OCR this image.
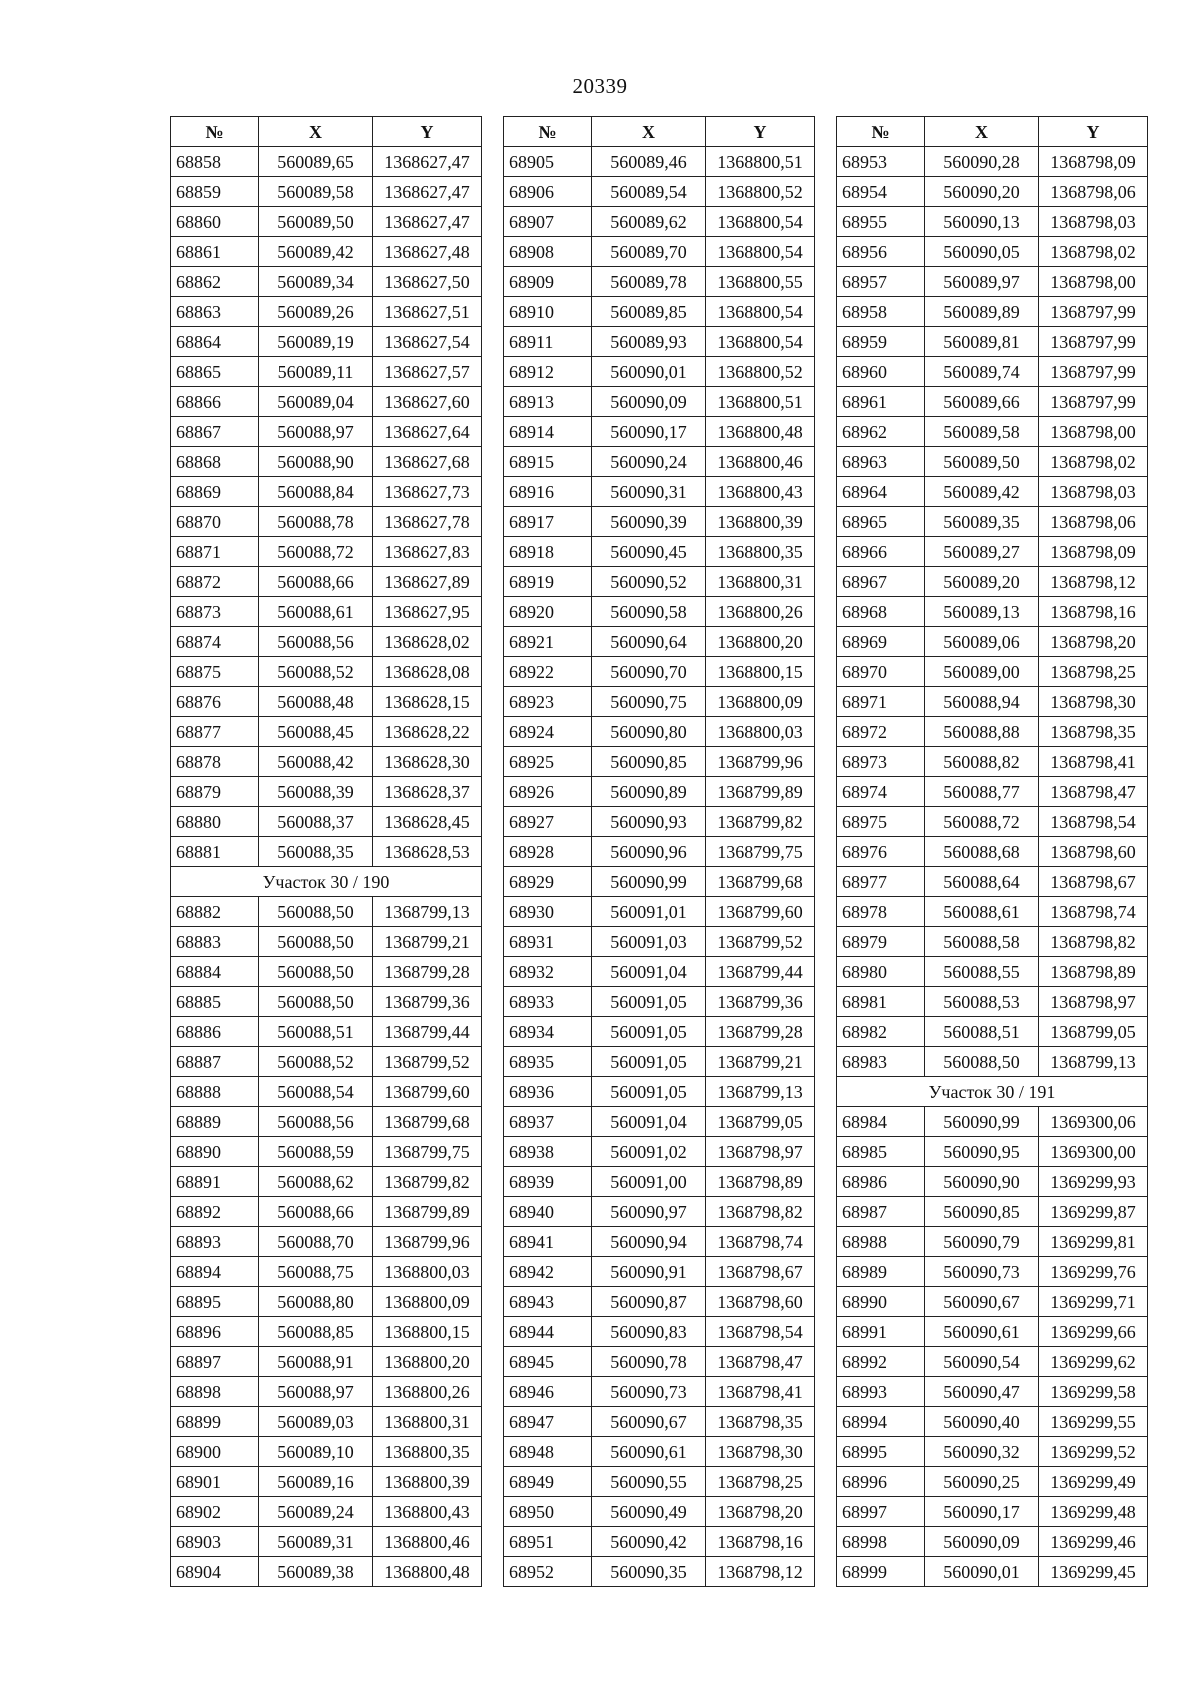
20339
№	X	Y
68858	560089,65	1368627,47
68859	560089,58	1368627,47
68860	560089,50	1368627,47
68861	560089,42	1368627,48
68862	560089,34	1368627,50
68863	560089,26	1368627,51
68864	560089,19	1368627,54
68865	560089,11	1368627,57
68866	560089,04	1368627,60
68867	560088,97	1368627,64
68868	560088,90	1368627,68
68869	560088,84	1368627,73
68870	560088,78	1368627,78
68871	560088,72	1368627,83
68872	560088,66	1368627,89
68873	560088,61	1368627,95
68874	560088,56	1368628,02
68875	560088,52	1368628,08
68876	560088,48	1368628,15
68877	560088,45	1368628,22
68878	560088,42	1368628,30
68879	560088,39	1368628,37
68880	560088,37	1368628,45
68881	560088,35	1368628,53
Участок 30 / 190		
68882	560088,50	1368799,13
68883	560088,50	1368799,21
68884	560088,50	1368799,28
68885	560088,50	1368799,36
68886	560088,51	1368799,44
68887	560088,52	1368799,52
68888	560088,54	1368799,60
68889	560088,56	1368799,68
68890	560088,59	1368799,75
68891	560088,62	1368799,82
68892	560088,66	1368799,89
68893	560088,70	1368799,96
68894	560088,75	1368800,03
68895	560088,80	1368800,09
68896	560088,85	1368800,15
68897	560088,91	1368800,20
68898	560088,97	1368800,26
68899	560089,03	1368800,31
68900	560089,10	1368800,35
68901	560089,16	1368800,39
68902	560089,24	1368800,43
68903	560089,31	1368800,46
68904	560089,38	1368800,48
№	X	Y
68905	560089,46	1368800,51
68906	560089,54	1368800,52
68907	560089,62	1368800,54
68908	560089,70	1368800,54
68909	560089,78	1368800,55
68910	560089,85	1368800,54
68911	560089,93	1368800,54
68912	560090,01	1368800,52
68913	560090,09	1368800,51
68914	560090,17	1368800,48
68915	560090,24	1368800,46
68916	560090,31	1368800,43
68917	560090,39	1368800,39
68918	560090,45	1368800,35
68919	560090,52	1368800,31
68920	560090,58	1368800,26
68921	560090,64	1368800,20
68922	560090,70	1368800,15
68923	560090,75	1368800,09
68924	560090,80	1368800,03
68925	560090,85	1368799,96
68926	560090,89	1368799,89
68927	560090,93	1368799,82
68928	560090,96	1368799,75
68929	560090,99	1368799,68
68930	560091,01	1368799,60
68931	560091,03	1368799,52
68932	560091,04	1368799,44
68933	560091,05	1368799,36
68934	560091,05	1368799,28
68935	560091,05	1368799,21
68936	560091,05	1368799,13
68937	560091,04	1368799,05
68938	560091,02	1368798,97
68939	560091,00	1368798,89
68940	560090,97	1368798,82
68941	560090,94	1368798,74
68942	560090,91	1368798,67
68943	560090,87	1368798,60
68944	560090,83	1368798,54
68945	560090,78	1368798,47
68946	560090,73	1368798,41
68947	560090,67	1368798,35
68948	560090,61	1368798,30
68949	560090,55	1368798,25
68950	560090,49	1368798,20
68951	560090,42	1368798,16
68952	560090,35	1368798,12
№	X	Y
68953	560090,28	1368798,09
68954	560090,20	1368798,06
68955	560090,13	1368798,03
68956	560090,05	1368798,02
68957	560089,97	1368798,00
68958	560089,89	1368797,99
68959	560089,81	1368797,99
68960	560089,74	1368797,99
68961	560089,66	1368797,99
68962	560089,58	1368798,00
68963	560089,50	1368798,02
68964	560089,42	1368798,03
68965	560089,35	1368798,06
68966	560089,27	1368798,09
68967	560089,20	1368798,12
68968	560089,13	1368798,16
68969	560089,06	1368798,20
68970	560089,00	1368798,25
68971	560088,94	1368798,30
68972	560088,88	1368798,35
68973	560088,82	1368798,41
68974	560088,77	1368798,47
68975	560088,72	1368798,54
68976	560088,68	1368798,60
68977	560088,64	1368798,67
68978	560088,61	1368798,74
68979	560088,58	1368798,82
68980	560088,55	1368798,89
68981	560088,53	1368798,97
68982	560088,51	1368799,05
68983	560088,50	1368799,13
Участок 30 / 191		
68984	560090,99	1369300,06
68985	560090,95	1369300,00
68986	560090,90	1369299,93
68987	560090,85	1369299,87
68988	560090,79	1369299,81
68989	560090,73	1369299,76
68990	560090,67	1369299,71
68991	560090,61	1369299,66
68992	560090,54	1369299,62
68993	560090,47	1369299,58
68994	560090,40	1369299,55
68995	560090,32	1369299,52
68996	560090,25	1369299,49
68997	560090,17	1369299,48
68998	560090,09	1369299,46
68999	560090,01	1369299,45
